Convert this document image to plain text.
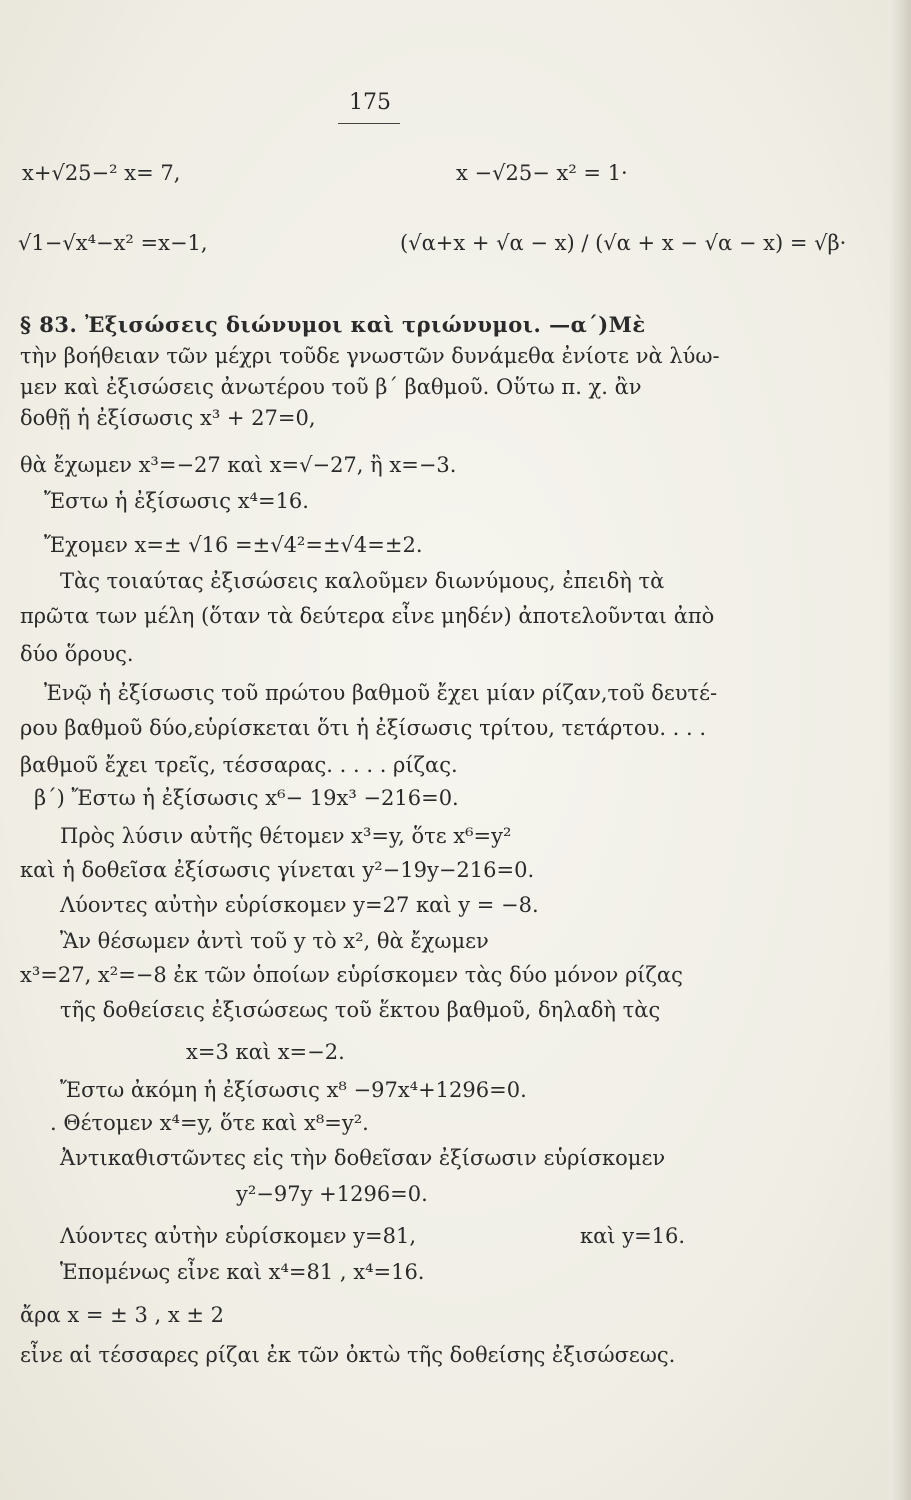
175
x+√25−² x= 7,	x −√25− x² = 1·
√1−√x⁴−x² =x−1,	(√α+x + √α − x) / (√α + x − √α − x) = √β·
§ 83. Ἐξισώσεις διώνυμοι καὶ τριώνυμοι. —α´)Μὲ
τὴν βοήθειαν τῶν μέχρι τοῦδε γνωστῶν δυνάμεθα ἐνίοτε νὰ λύω-
μεν καὶ ἐξισώσεις ἀνωτέρου τοῦ β΄ βαθμοῦ. Οὕτω π. χ. ἂν
δοθῇ ἡ ἐξίσωσις x³ + 27=0,
θὰ ἔχωμεν x³=−27 καὶ x=√−27, ἢ x=−3.
Ἔστω ἡ ἐξίσωσις x⁴=16.
Ἔχομεν x=± √16 =±√4²=±√4=±2.
Τὰς τοιαύτας ἐξισώσεις καλοῦμεν διωνύμους, ἐπειδὴ τὰ
πρῶτα των μέλη (ὅταν τὰ δεύτερα εἶνε μηδέν) ἀποτελοῦνται ἀπὸ
δύο ὅρους.
Ἐνῷ ἡ ἐξίσωσις τοῦ πρώτου βαθμοῦ ἔχει μίαν ρίζαν,τοῦ δευτέ-
ρου βαθμοῦ δύο,εὑρίσκεται ὅτι ἡ ἐξίσωσις τρίτου, τετάρτου. . . .
βαθμοῦ ἔχει τρεῖς, τέσσαρας. . . . . ρίζας.
β´) Ἔστω ἡ ἐξίσωσις x⁶− 19x³ −216=0.
Πρὸς λύσιν αὐτῆς θέτομεν x³=y, ὅτε x⁶=y²
καὶ ἡ δοθεῖσα ἐξίσωσις γίνεται y²−19y−216=0.
Λύοντες αὐτὴν εὑρίσκομεν y=27 καὶ y = −8.
Ἂν θέσωμεν ἀντὶ τοῦ y τὸ x², θὰ ἔχωμεν
x³=27, x²=−8 ἐκ τῶν ὁποίων εὑρίσκομεν τὰς δύο μόνον ρίζας
τῆς δοθείσεις ἐξισώσεως τοῦ ἕκτου βαθμοῦ, δηλαδὴ τὰς
x=3 καὶ x=−2.
Ἔστω ἀκόμη ἡ ἐξίσωσις x⁸ −97x⁴+1296=0.
. Θέτομεν x⁴=y, ὅτε καὶ x⁸=y².
Ἀντικαθιστῶντες εἰς τὴν δοθεῖσαν ἐξίσωσιν εὑρίσκομεν
y²−97y +1296=0.
Λύοντες αὐτὴν εὑρίσκομεν y=81,	καὶ y=16.
Ἑπομένως εἶνε καὶ x⁴=81 , x⁴=16.
ἄρα x = ± 3 , x ± 2
εἶνε αἱ τέσσαρες ρίζαι ἐκ τῶν ὀκτὼ τῆς δοθείσης ἐξισώσεως.
